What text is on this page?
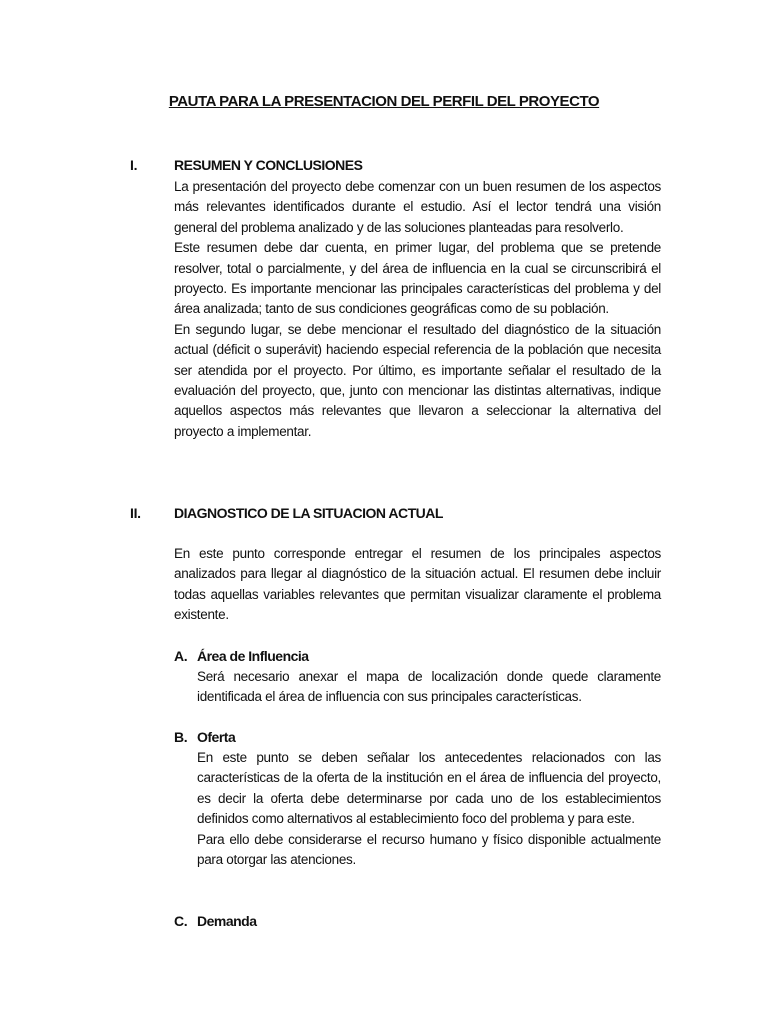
PAUTA PARA LA PRESENTACION DEL PERFIL DEL PROYECTO
I.	RESUMEN Y CONCLUSIONES

La presentación del proyecto debe comenzar con un buen resumen de los aspectos más relevantes identificados durante el estudio. Así el lector tendrá una visión general del problema analizado y de las soluciones planteadas para resolverlo.

Este resumen debe dar cuenta, en primer lugar, del problema que se pretende resolver, total o parcialmente, y del área de influencia en la cual se circunscribirá el proyecto. Es importante mencionar las principales características del problema y del área analizada; tanto de sus condiciones geográficas como de su población.

En segundo lugar, se debe mencionar el resultado del diagnóstico de la situación actual (déficit o superávit) haciendo especial referencia de la población que necesita ser atendida por el proyecto. Por último, es importante señalar el resultado de la evaluación del proyecto, que, junto con mencionar las distintas alternativas, indique aquellos aspectos más relevantes que llevaron a seleccionar la alternativa del proyecto a implementar.

II. DIAGNOSTICO DE LA SITUACION ACTUAL

En este punto corresponde entregar el resumen de los principales aspectos analizados para llegar al diagnóstico de la situación actual. El resumen debe incluir todas aquellas variables relevantes que permitan visualizar claramente el problema existente.

A. Área de Influencia

Será necesario anexar el mapa de localización donde quede claramente identificada el área de influencia con sus principales características.

B. Oferta

En este punto se deben señalar los antecedentes relacionados con las características de la oferta de la institución en el área de influencia del proyecto, es decir la oferta debe determinarse por cada uno de los establecimientos definidos como alternativos al establecimiento foco del problema y para este.

Para ello debe considerarse el recurso humano y físico disponible actualmente para otorgar las atenciones.

C. Demanda
